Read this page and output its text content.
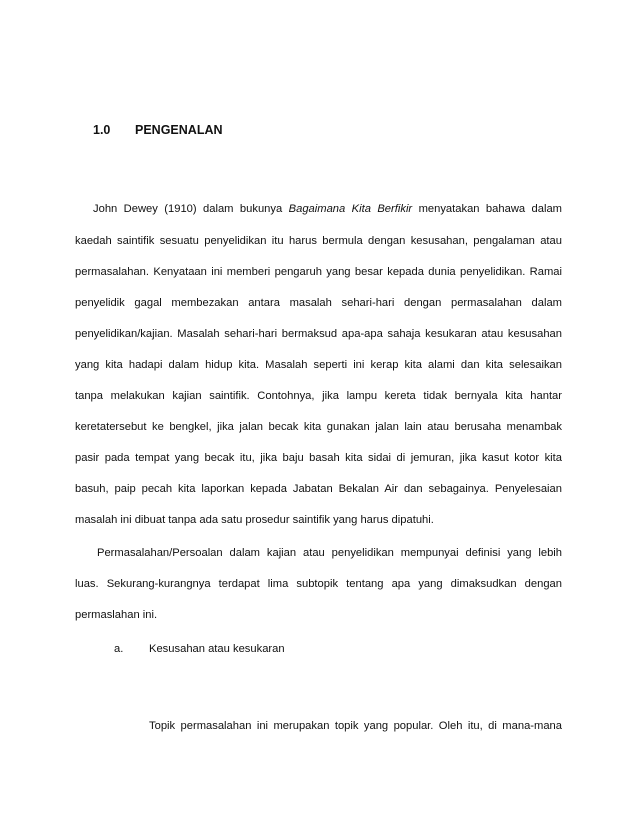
1.0 PENGENALAN
John Dewey (1910) dalam bukunya Bagaimana Kita Berfikir menyatakan bahawa dalam
kaedah saintifik sesuatu penyelidikan itu harus bermula dengan kesusahan, pengalaman atau
permasalahan. Kenyataan ini memberi pengaruh yang besar kepada dunia penyelidikan. Ramai
penyelidik gagal membezakan antara masalah sehari-hari dengan permasalahan dalam
penyelidikan/kajian. Masalah sehari-hari bermaksud apa-apa sahaja kesukaran atau kesusahan
yang kita hadapi dalam hidup kita. Masalah seperti ini kerap kita alami dan kita selesaikan
tanpa melakukan kajian saintifik. Contohnya, jika lampu kereta tidak bernyala kita hantar
keretatersebut ke bengkel, jika jalan becak kita gunakan jalan lain atau berusaha menambak
pasir pada tempat yang becak itu, jika baju basah kita sidai di jemuran, jika kasut kotor kita
basuh, paip pecah kita laporkan kepada Jabatan Bekalan Air dan sebagainya. Penyelesaian
masalah ini dibuat tanpa ada satu prosedur saintifik yang harus dipatuhi.
Permasalahan/Persoalan dalam kajian atau penyelidikan mempunyai definisi yang lebih
luas. Sekurang-kurangnya terdapat lima subtopik tentang apa yang dimaksudkan dengan
permaslahan ini.
a. Kesusahan atau kesukaran
Topik permasalahan ini merupakan topik yang popular. Oleh itu, di mana-mana
